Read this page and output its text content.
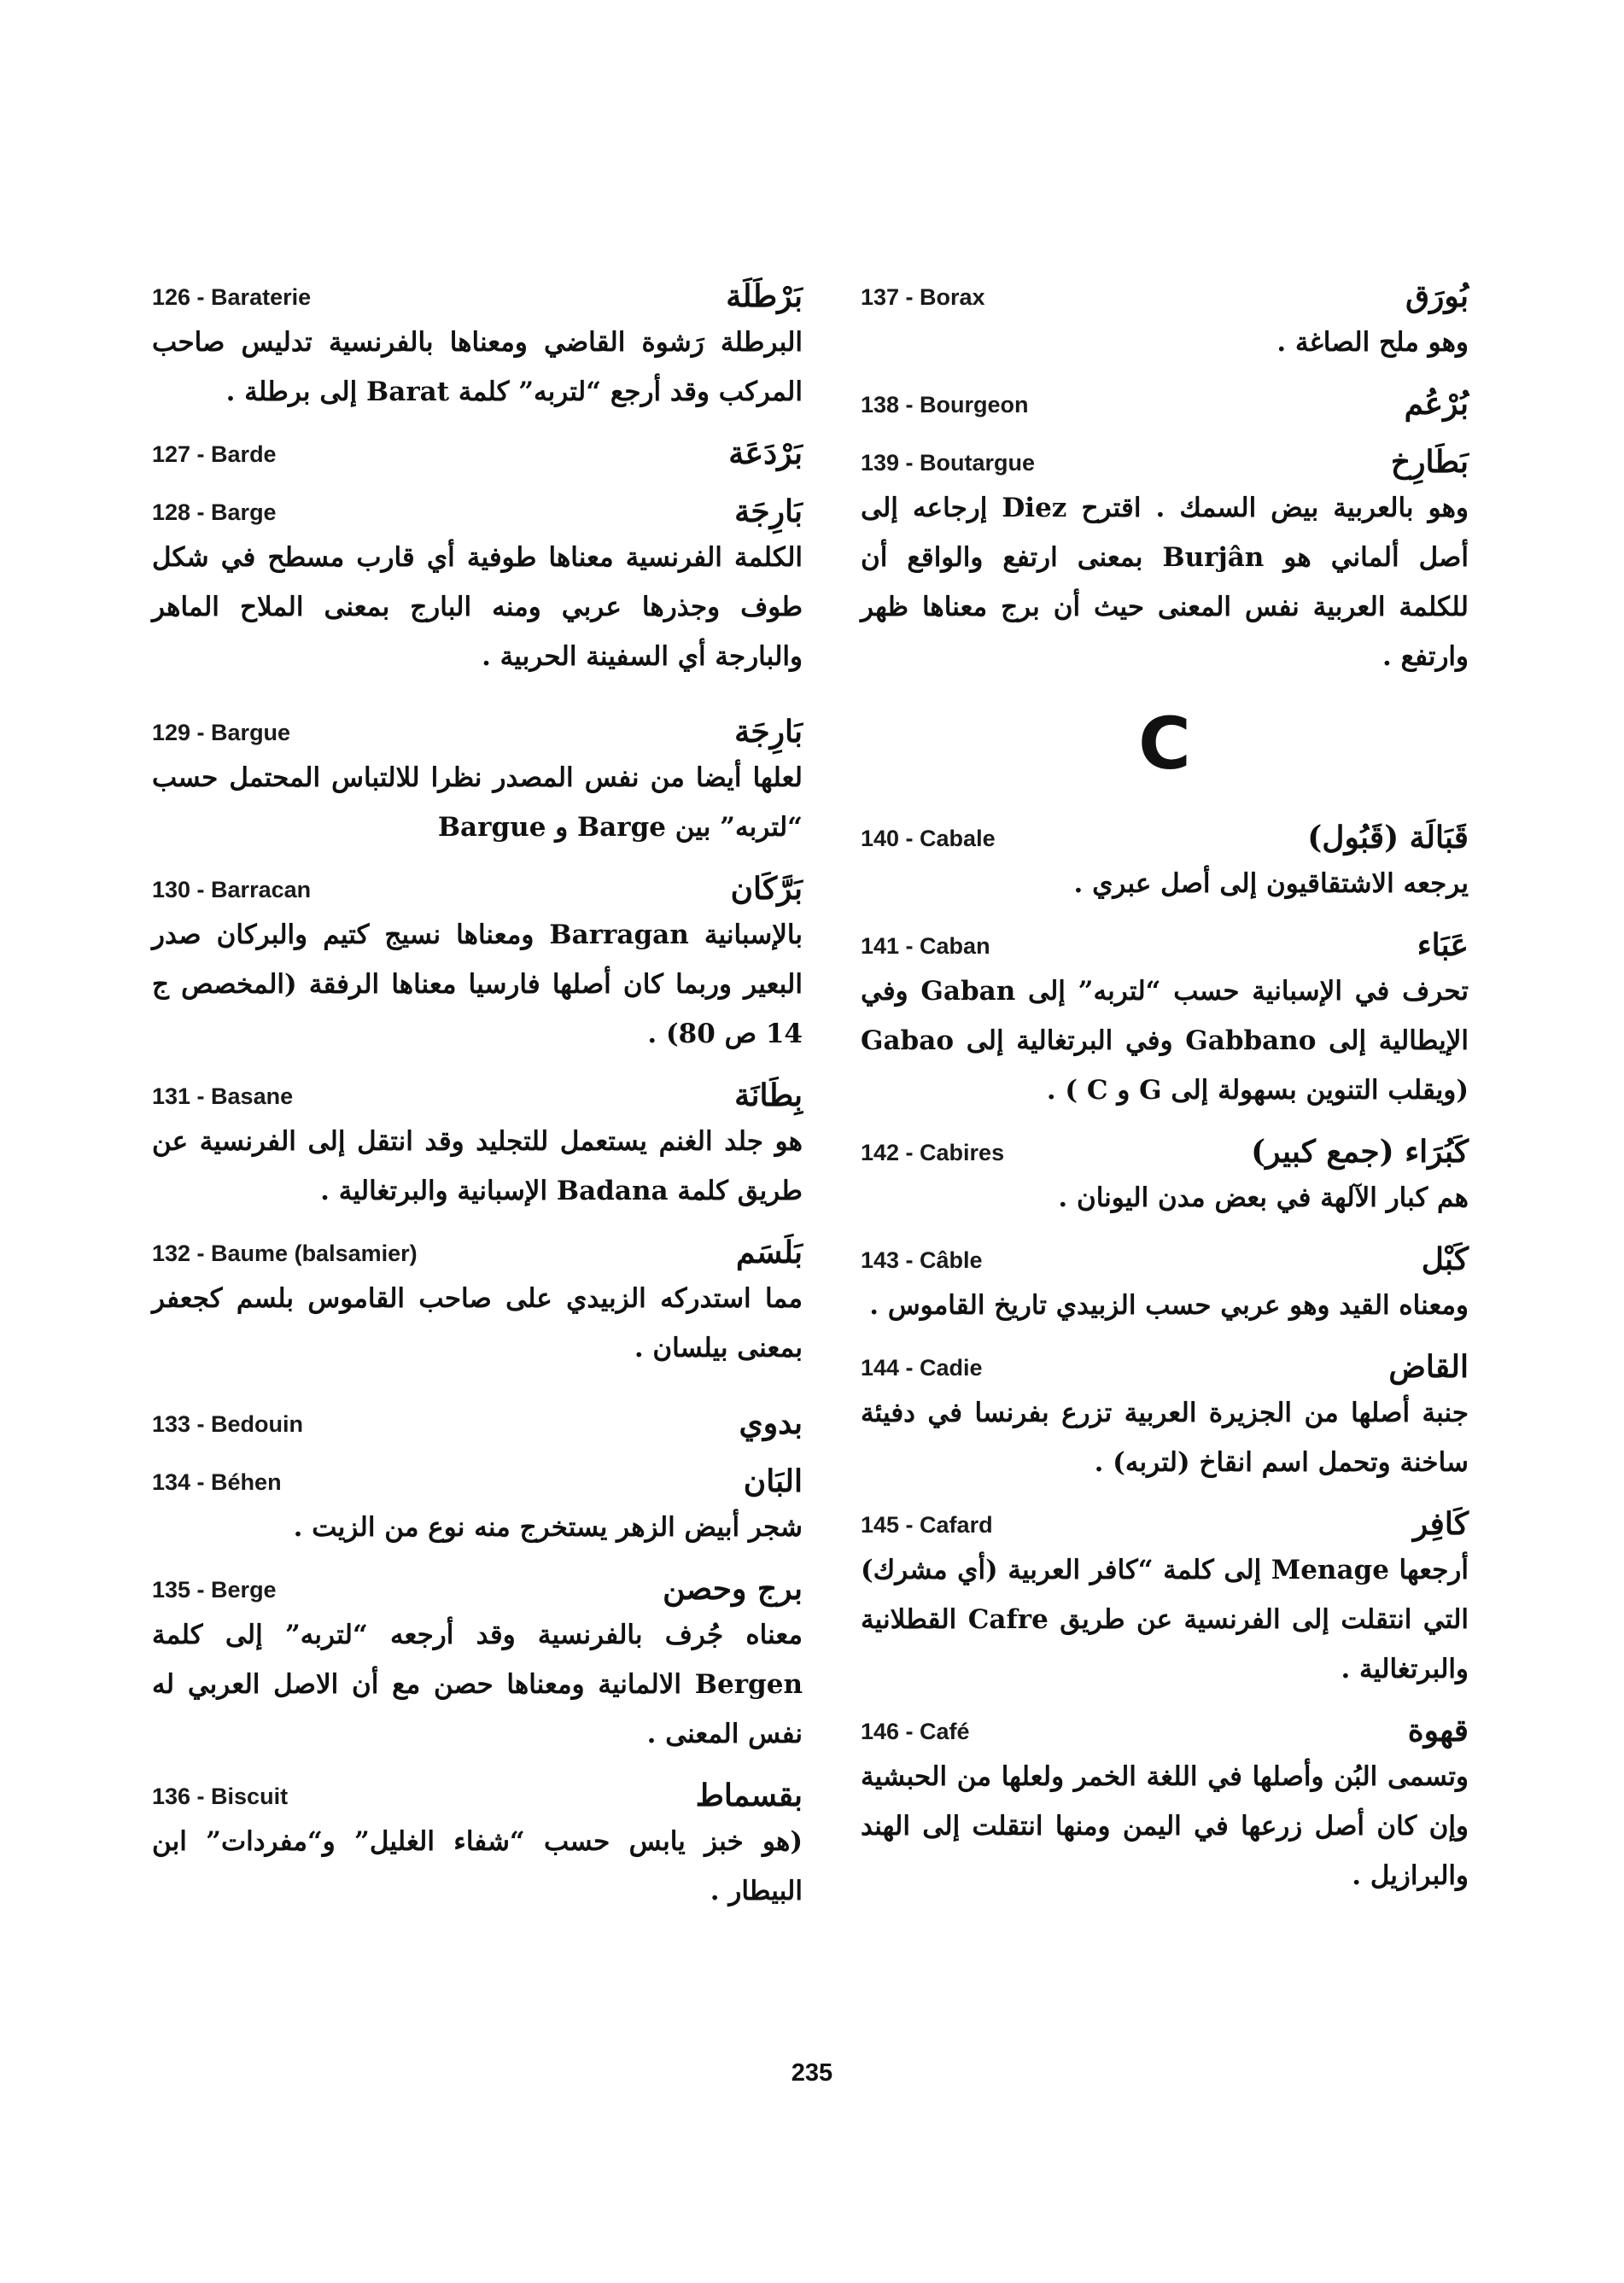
126 - Baraterie	بَرْطَلَة
البرطلة رَشوة القاضي ومعناها بالفرنسية تدليس صاحب المركب وقد أرجع “لتربه” كلمة Barat إلى برطلة .
127 - Barde	بَرْدَعَة
128 - Barge	بَارِجَة
الكلمة الفرنسية معناها طوفية أي قارب مسطح في شكل طوف وجذرها عربي ومنه البارج بمعنى الملاح الماهر والبارجة أي السفينة الحربية .
129 - Bargue	بَارِجَة
لعلها أيضا من نفس المصدر نظرا للالتباس المحتمل حسب “لتربه” بين Barge و Bargue
130 - Barracan	بَرَّكَان
بالإسبانية Barragan ومعناها نسيج كتيم والبركان صدر البعير وربما كان أصلها فارسيا معناها الرفقة (المخصص ج 14 ص 80) .
131 - Basane	بِطَانَة
هو جلد الغنم يستعمل للتجليد وقد انتقل إلى الفرنسية عن طريق كلمة Badana الإسبانية والبرتغالية .
132 - Baume (balsamier)	بَلَسَم
مما استدركه الزبيدي على صاحب القاموس بلسم كجعفر بمعنى بيلسان .
133 - Bedouin	بدوي
134 - Béhen	البَان
شجر أبيض الزهر يستخرج منه نوع من الزيت .
135 - Berge	برج وحصن
معناه جُرف بالفرنسية وقد أرجعه “لتربه” إلى كلمة Bergen الالمانية ومعناها حصن مع أن الاصل العربي له نفس المعنى .
136 - Biscuit	بقسماط
(هو خبز يابس حسب “شفاء الغليل” و“مفردات” ابن البيطار .
137 - Borax	بُورَق
وهو ملح الصاغة .
138 - Bourgeon	بُرْعُم
139 - Boutargue	بَطَارِخ
وهو بالعربية بيض السمك . اقترح Diez إرجاعه إلى أصل ألماني هو Burjân بمعنى ارتفع والواقع أن للكلمة العربية نفس المعنى حيث أن برج معناها ظهر وارتفع .
C
140 - Cabale	قَبَالَة (قَبُول)
يرجعه الاشتقاقيون إلى أصل عبري .
141 - Caban	عَبَاء
تحرف في الإسبانية حسب “لتربه” إلى Gaban وفي الإيطالية إلى Gabbano وفي البرتغالية إلى Gabao (ويقلب التنوين بسهولة إلى G و C ) .
142 - Cabires	كَبُرَاء (جمع كبير)
هم كبار الآلهة في بعض مدن اليونان .
143 - Câble	كَبْل
ومعناه القيد وهو عربي حسب الزبيدي تاريخ القاموس .
144 - Cadie	القاض
جنبة أصلها من الجزيرة العربية تزرع بفرنسا في دفيئة ساخنة وتحمل اسم انقاخ (لتربه) .
145 - Cafard	كَافِر
أرجعها Menage إلى كلمة “كافر العربية (أي مشرك) التي انتقلت إلى الفرنسية عن طريق Cafre القطلانية والبرتغالية .
146 - Café	قهوة
وتسمى البُن وأصلها في اللغة الخمر ولعلها من الحبشية وإن كان أصل زرعها في اليمن ومنها انتقلت إلى الهند والبرازيل .
235
